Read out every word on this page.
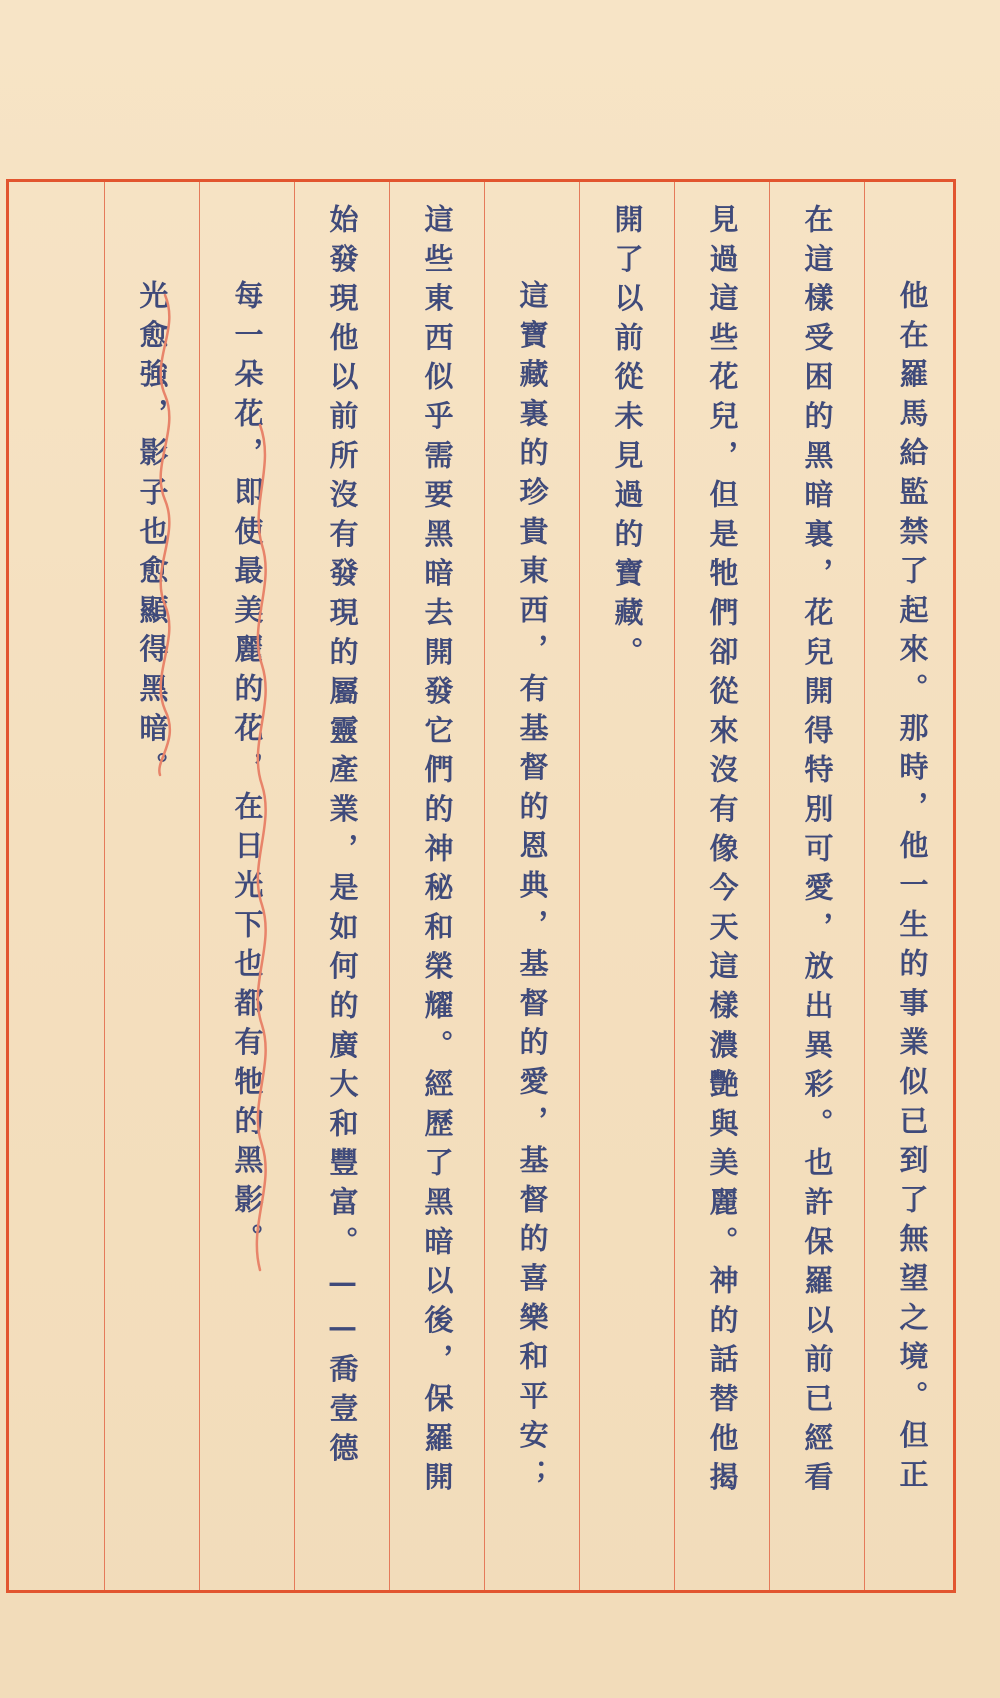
光愈強，影子也愈顯得黑暗。 每一朵花，即使最美麗的花，在日光下也都有牠的黑影。 始發現他以前所沒有發現的屬靈產業，是如何的廣大和豐富。——喬壹德 這些東西似乎需要黑暗去開發它們的神秘和榮耀。經歷了黑暗以後，保羅開 這寶藏裏的珍貴東西，有基督的恩典，基督的愛，基督的喜樂和平安； 開了以前從未見過的寶藏。 見過這些花兒，但是牠們卻從來沒有像今天這樣濃艷與美麗。神的話替他揭 在這樣受困的黑暗裏，花兒開得特別可愛，放出異彩。也許保羅以前已經看 他在羅馬給監禁了起來。那時，他一生的事業似已到了無望之境。但正
